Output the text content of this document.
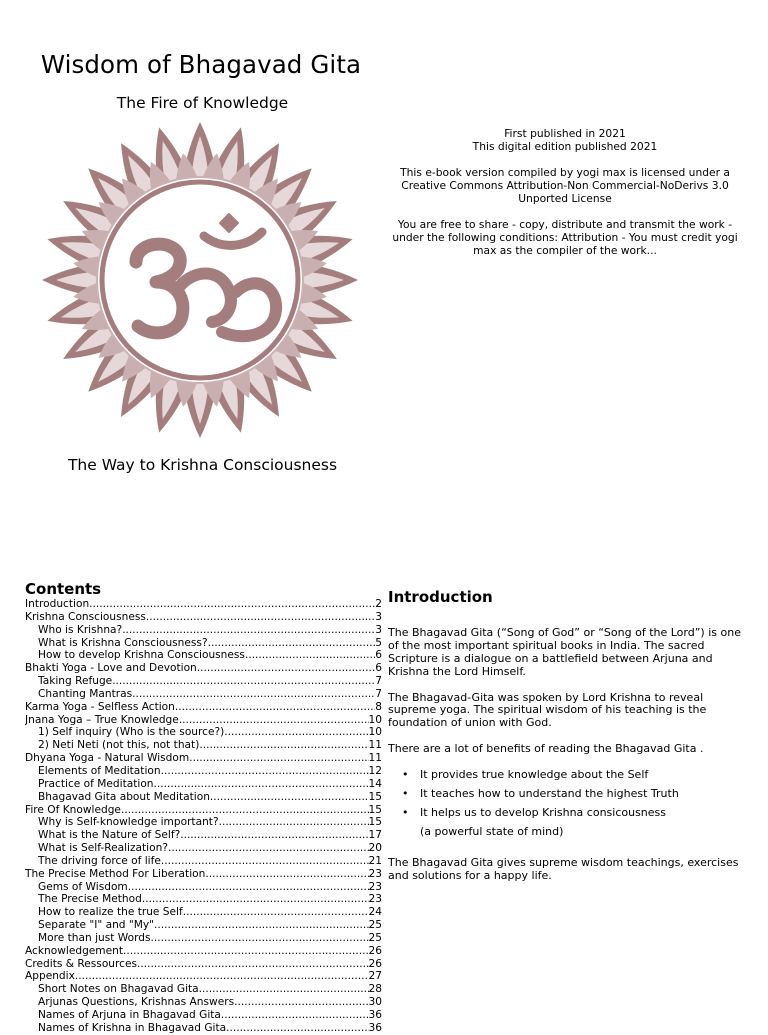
Wisdom of Bhagavad Gita
The Fire of Knowledge
The Way to Krishna Consciousness

First published in 2021
This digital edition published 2021

This e-book version compiled by yogi max is licensed under a Creative Commons Attribution-Non Commercial-NoDerivs 3.0 Unported License

You are free to share - copy, distribute and transmit the work - under the following conditions: Attribution - You must credit yogi max as the compiler of the work...

Contents
Introduction .....	2
Krishna Consciousness .....	3
Who is Krishna? .....	3
What is Krishna Consciousness? .....	5
How to develop Krishna Consciousness .....	6
Bhakti Yoga - Love and Devotion .....	6
Taking Refuge .....	7
Chanting Mantras .....	7
Karma Yoga - Selfless Action .....	8
Jnana Yoga – True Knowledge .....	10
1) Self inquiry (Who is the source?) .....	10
2) Neti Neti (not this, not that) .....	11
Dhyana Yoga - Natural Wisdom .....	11
Elements of Meditation .....	12
Practice of Meditation .....	14
Bhagavad Gita about Meditation .....	15
Fire Of Knowledge .....	15
Why is Self-knowledge important? .....	15
What is the Nature of Self? .....	17
What is Self-Realization? .....	20
The driving force of life .....	21
The Precise Method For Liberation .....	23
Gems of Wisdom .....	23
The Precise Method .....	23
How to realize the true Self .....	24
Separate "I" and "My" .....	25
More than just Words .....	25
Acknowledgement .....	26
Credits & Ressources .....	26
Appendix .....	27
Short Notes on Bhagavad Gita .....	28
Arjunas Questions, Krishnas Answers .....	30
Names of Arjuna in Bhagavad Gita .....	36
Names of Krishna in Bhagavad Gita .....	36
Introduction

The Bhagavad Gita (“Song of God” or “Song of the Lord”) is one of the most important spiritual books in India. The sacred Scripture is a dialogue on a battlefield between Arjuna and Krishna the Lord Himself.

The Bhagavad-Gita was spoken by Lord Krishna to reveal supreme yoga. The spiritual wisdom of his teaching is the foundation of union with God.

There are a lot of benefits of reading the Bhagavad Gita .

• It provides true knowledge about the Self
• It teaches how to understand the highest Truth
• It helps us to develop Krishna consicousness

(a powerful state of mind)

The Bhagavad Gita gives supreme wisdom teachings, exercises and solutions for a happy life.
